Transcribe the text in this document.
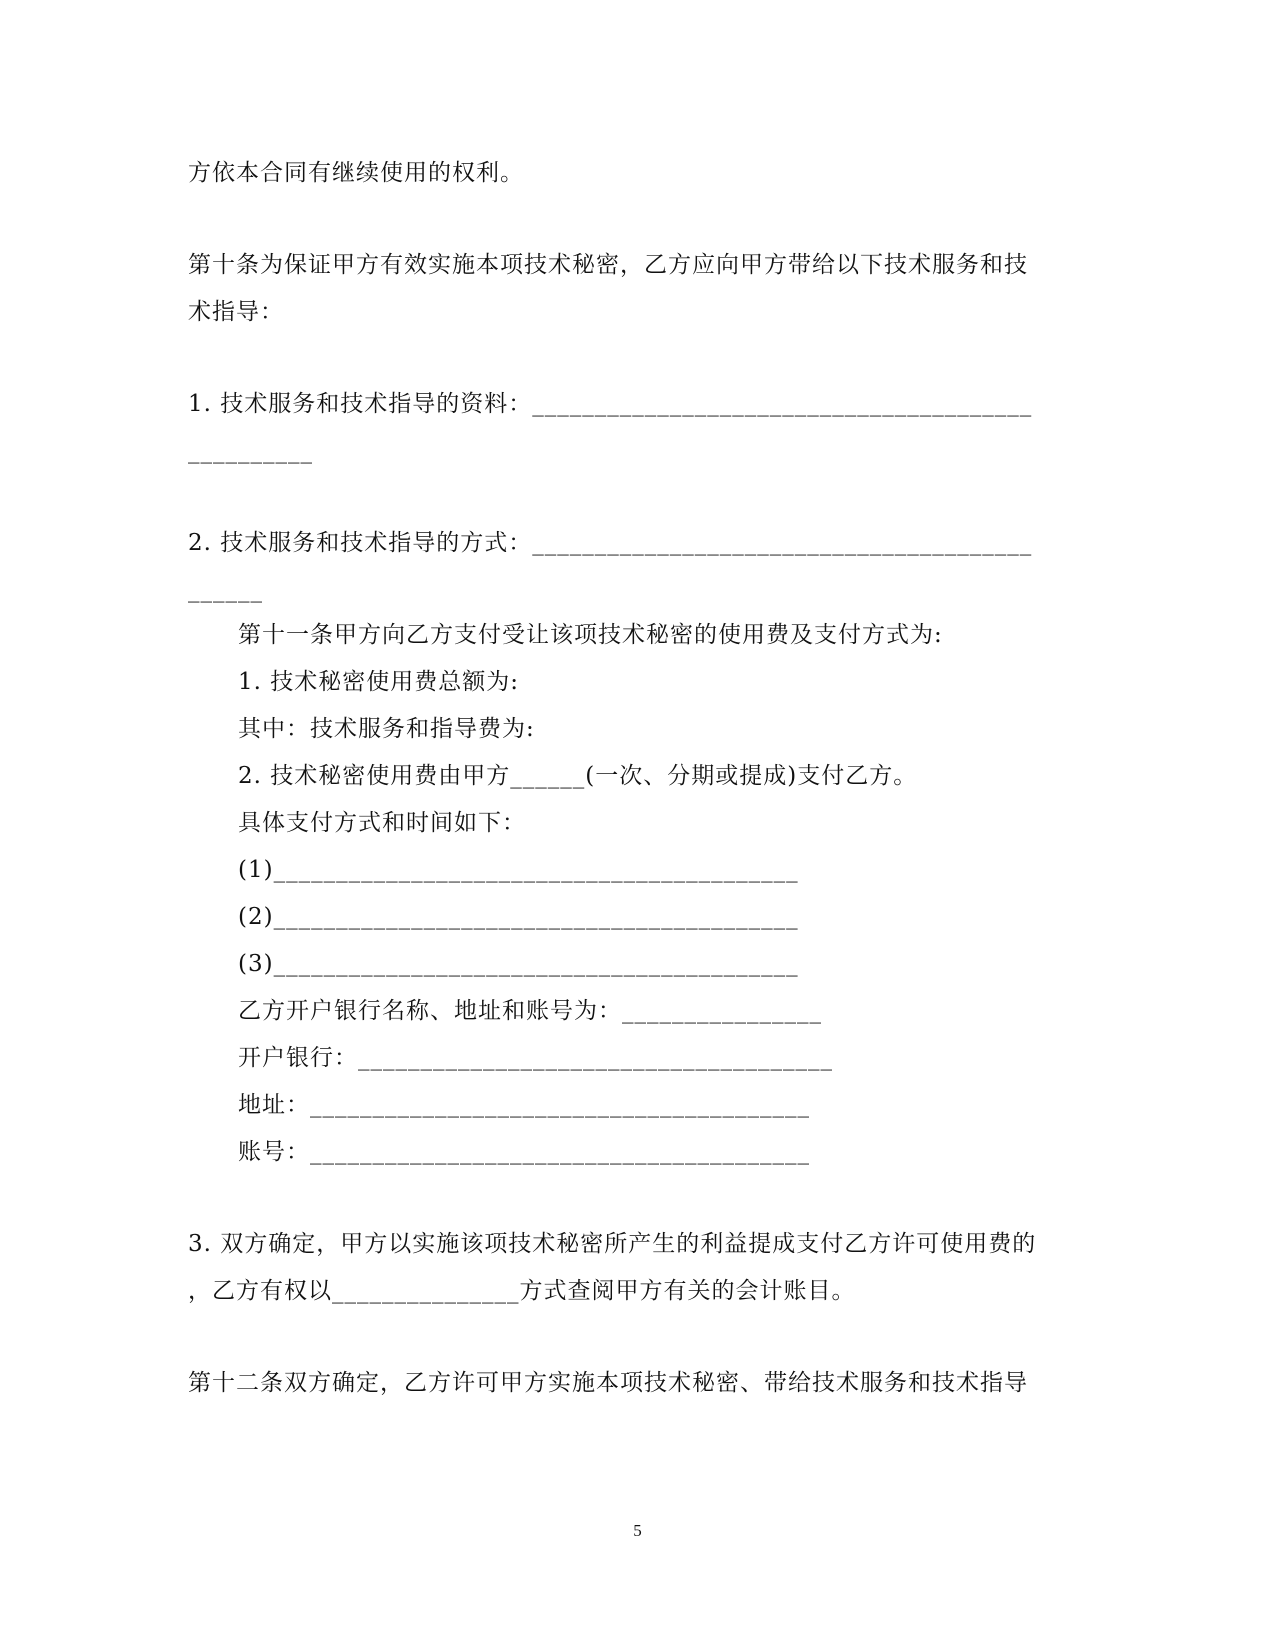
方依本合同有继续使用的权利。
第十条为保证甲方有效实施本项技术秘密，乙方应向甲方带给以下技术服务和技
术指导：
1. 技术服务和技术指导的资料：________________________________________
__________
2. 技术服务和技术指导的方式：________________________________________
______
第十一条甲方向乙方支付受让该项技术秘密的使用费及支付方式为:
1. 技术秘密使用费总额为:
其中：技术服务和指导费为:
2. 技术秘密使用费由甲方______(一次、分期或提成)支付乙方。
具体支付方式和时间如下：
(1)__________________________________________
(2)__________________________________________
(3)__________________________________________
乙方开户银行名称、地址和账号为：________________
开户银行：______________________________________
地址：________________________________________
账号：________________________________________
3. 双方确定，甲方以实施该项技术秘密所产生的利益提成支付乙方许可使用费的
，乙方有权以_______________方式查阅甲方有关的会计账目。
第十二条双方确定，乙方许可甲方实施本项技术秘密、带给技术服务和技术指导
5
